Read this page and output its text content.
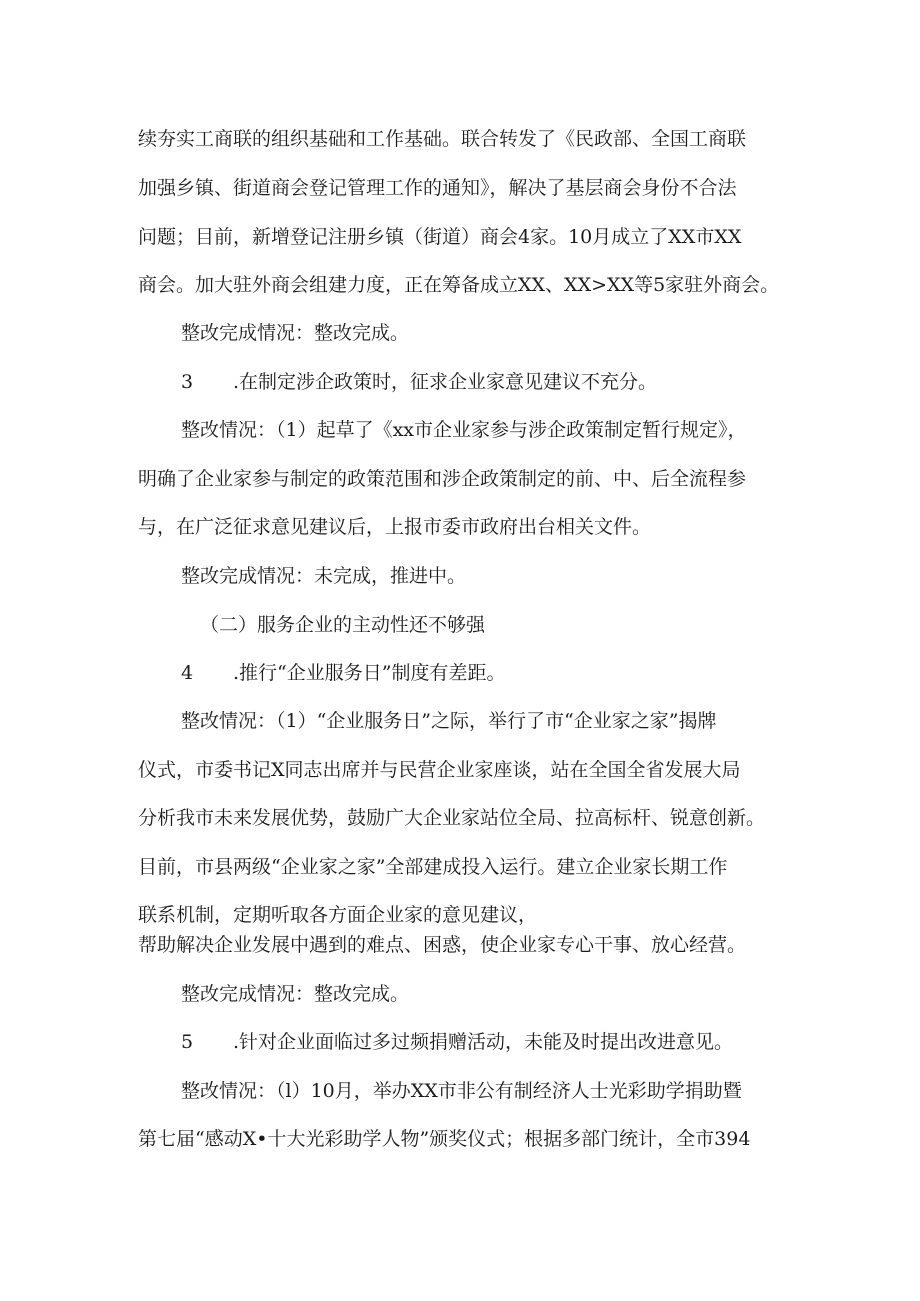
续夯实工商联的组织基础和工作基础。联合转发了《民政部、全国工商联
加强乡镇、街道商会登记管理工作的通知》，解决了基层商会身份不合法
问题；目前，新增登记注册乡镇（街道）商会4家。10月成立了XX市XX
商会。加大驻外商会组建力度，正在筹备成立XX、XX>XX等5家驻外商会。
整改完成情况：整改完成。
3 .在制定涉企政策时，征求企业家意见建议不充分。
整改情况：（1）起草了《xx市企业家参与涉企政策制定暂行规定》，
明确了企业家参与制定的政策范围和涉企政策制定的前、中、后全流程参
与，在广泛征求意见建议后，上报市委市政府出台相关文件。
整改完成情况：未完成，推进中。
（二）服务企业的主动性还不够强
4 .推行“企业服务日”制度有差距。
整改情况：（1）“企业服务日”之际，举行了市“企业家之家”揭牌
仪式，市委书记X同志出席并与民营企业家座谈，站在全国全省发展大局
分析我市未来发展优势，鼓励广大企业家站位全局、拉高标杆、锐意创新。
目前，市县两级“企业家之家”全部建成投入运行。建立企业家长期工作
联系机制，定期听取各方面企业家的意见建议，
帮助解决企业发展中遇到的难点、困惑，使企业家专心干事、放心经营。
整改完成情况：整改完成。
5 .针对企业面临过多过频捐赠活动，未能及时提出改进意见。
整改情况：（l）10月，举办XX市非公有制经济人士光彩助学捐助暨
第七届“感动X•十大光彩助学人物”颁奖仪式；根据多部门统计，全市394
